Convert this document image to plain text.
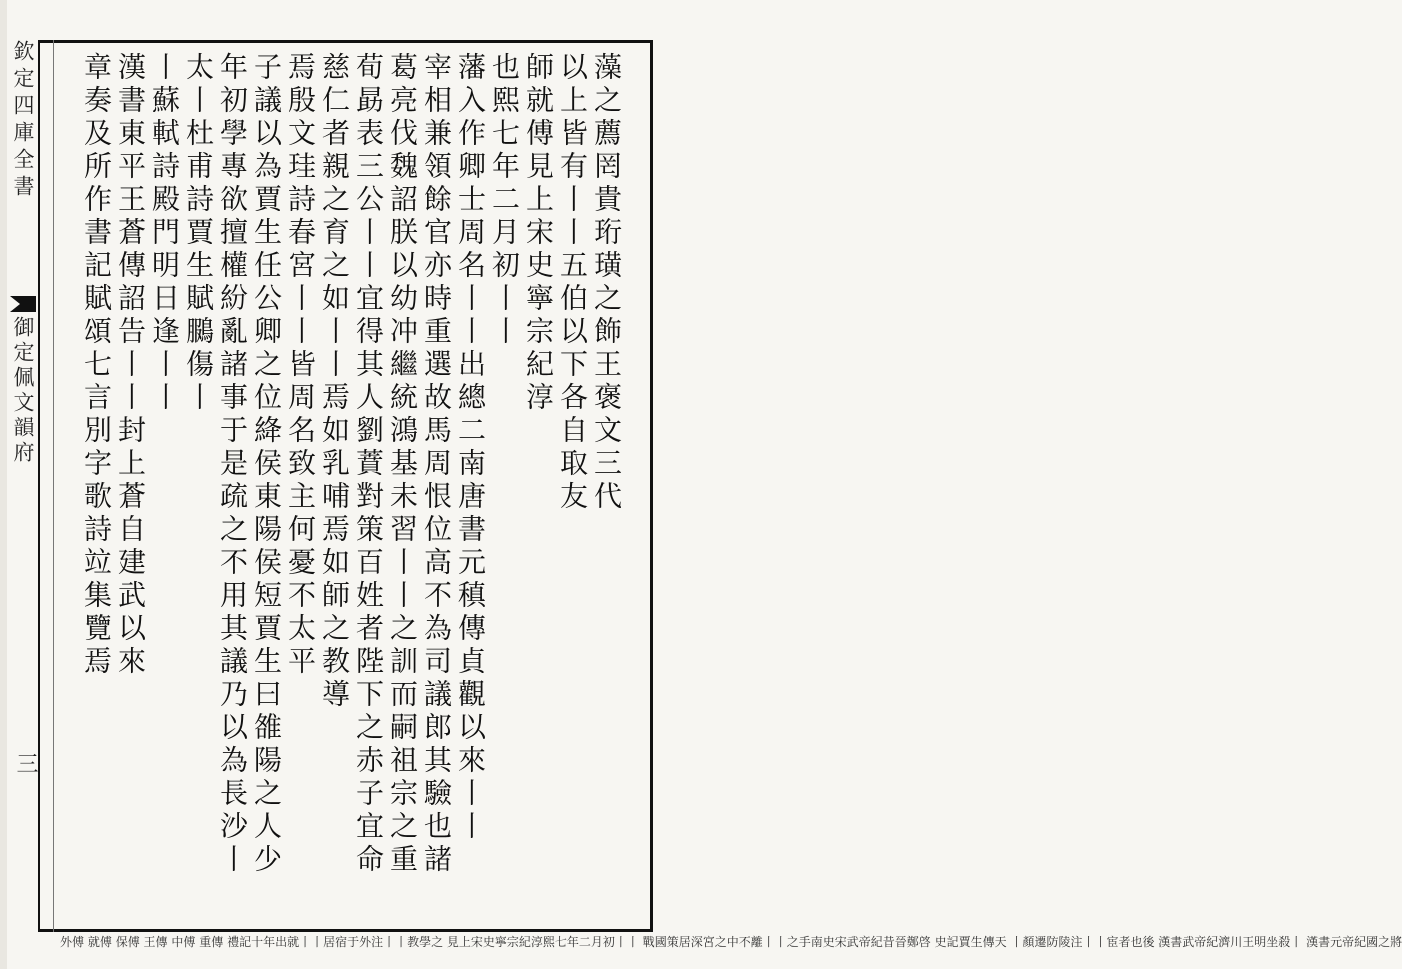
欽定四庫全書
御定佩文韻府
三
藻之薦罔貴珩璜之飾王褒文三代
以上皆有丨丨五伯以下各自取友
師就傅見上宋史寧宗紀淳
也熙七年二月初丨丨
藩入作卿士周名丨丨出總二南唐書元稹傳貞觀以來丨丨
宰相兼領餘官亦時重選故馬周恨位高不為司議郎其驗也諸
葛亮伐魏詔朕以幼冲繼統鴻基未習丨丨之訓而嗣祖宗之重
荀勗表三公丨丨宜得其人劉蕡對策百姓者陛下之赤子宜命
慈仁者親之育之如丨丨焉如乳哺焉如師之教導
焉殷文珪詩春宮丨丨皆周名致主何憂不太平
子議以為賈生任公卿之位絳侯東陽侯短賈生曰雒陽之人少
年初學專欲擅權紛亂諸事于是疏之不用其議乃以為長沙丨
太丨杜甫詩賈生賦鵩傷丨
丨蘇軾詩殿門明日逢丨丨
漢書東平王蒼傳詔告丨丨封上蒼自建武以來
章奏及所作書記賦頌七言別字歌詩竝集覽焉
外傅 就傅 保傅 王傳 中傅 重傳 禮記十年出就丨丨居宿于外注丨丨教學之 見上宋史寧宗紀淳熙七年二月初丨丨 戰國策居深宮之中不離丨丨之手南史宋武帝紀昔晉鄭啓 史記賈生傳天 丨顏遷防陵注丨丨宦者也後 漢書武帝紀濟川王明坐殺丨 漢書元帝紀國之將
